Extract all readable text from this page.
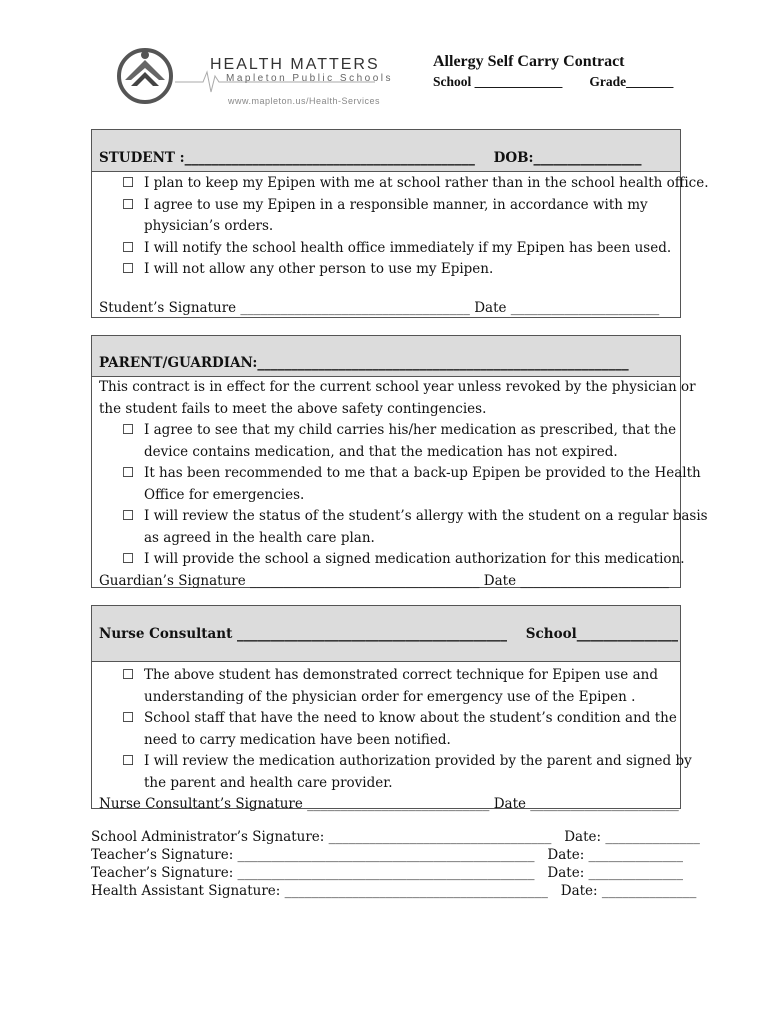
HEALTH MATTERS
Mapleton Public Schools
www.mapleton.us/Health-Services
Allergy Self Carry Contract
School _____________ Grade_______
STUDENT :___________________________________________    DOB:________________
☐ I plan to keep my Epipen with me at school rather than in the school health office.
☐ I agree to use my Epipen in a responsible manner, in accordance with my
physician’s orders.
☐ I will notify the school health office immediately if my Epipen has been used.
☐ I will not allow any other person to use my Epipen.
Student’s Signature __________________________________ Date ______________________
PARENT/GUARDIAN:_______________________________________________________
This contract is in effect for the current school year unless revoked by the physician or
the student fails to meet the above safety contingencies.
☐ I agree to see that my child carries his/her medication as prescribed, that the
device contains medication, and that the medication has not expired.
☐ It has been recommended to me that a back-up Epipen be provided to the Health
Office for emergencies.
☐ I will review the status of the student’s allergy with the student on a regular basis
as agreed in the health care plan.
☐ I will provide the school a signed medication authorization for this medication.
Guardian’s Signature __________________________________ Date ______________________
Nurse Consultant ________________________________________    School_______________
☐ The above student has demonstrated correct technique for Epipen use and
understanding of the physician order for emergency use of the Epipen .
☐ School staff that have the need to know about the student’s condition and the
need to carry medication have been notified.
☐ I will review the medication authorization provided by the parent and signed by
the parent and health care provider.
Nurse Consultant’s Signature ___________________________ Date ______________________
School Administrator’s Signature: _________________________________   Date: ______________
Teacher’s Signature: ____________________________________________   Date: ______________
Teacher’s Signature: ____________________________________________   Date: ______________
Health Assistant Signature: _______________________________________   Date: ______________
